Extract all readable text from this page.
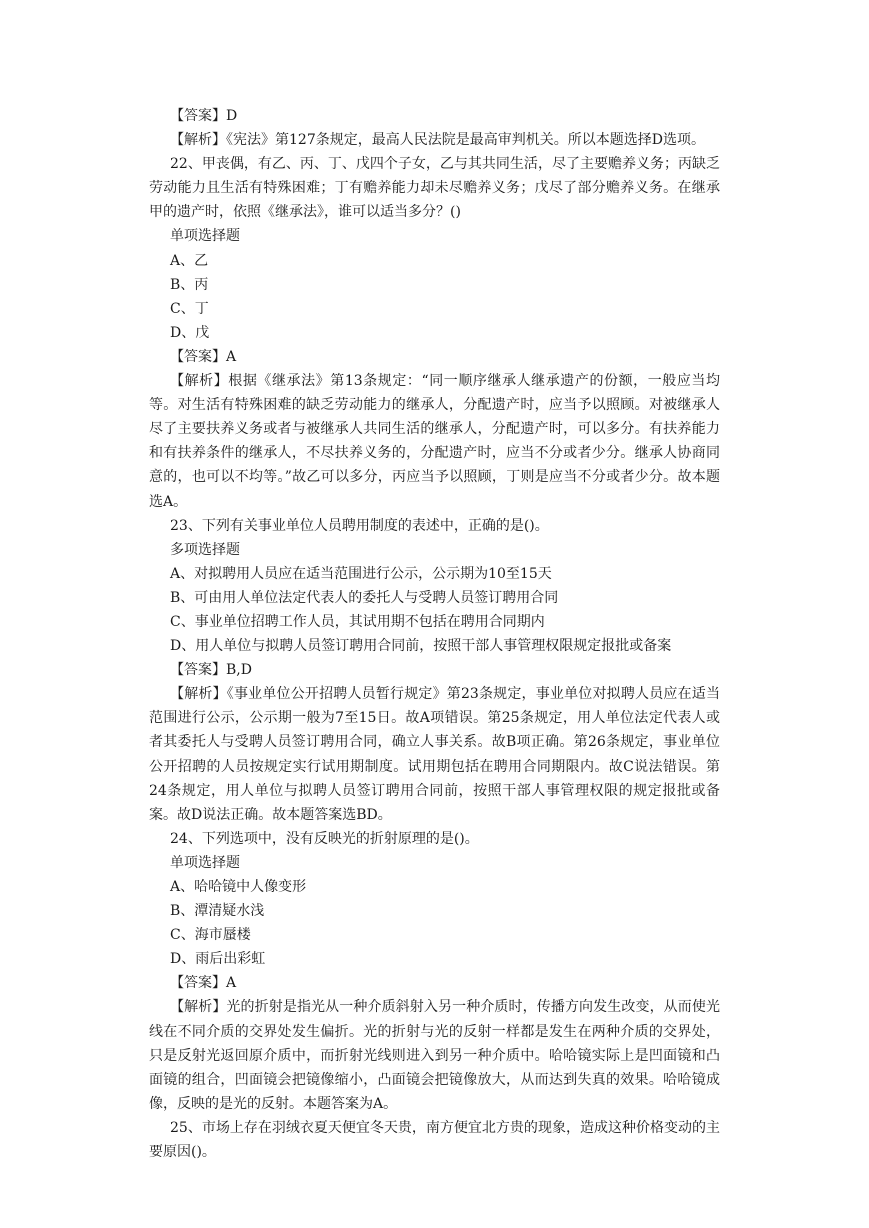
【答案】D
【解析】《宪法》第127条规定，最高人民法院是最高审判机关。所以本题选择D选项。
22、甲丧偶，有乙、丙、丁、戊四个子女，乙与其共同生活，尽了主要赡养义务；丙缺乏劳动能力且生活有特殊困难；丁有赡养能力却未尽赡养义务；戊尽了部分赡养义务。在继承甲的遗产时，依照《继承法》，谁可以适当多分？()
单项选择题
A、乙
B、丙
C、丁
D、戊
【答案】A
【解析】根据《继承法》第13条规定：“同一顺序继承人继承遗产的份额，一般应当均等。对生活有特殊困难的缺乏劳动能力的继承人，分配遗产时，应当予以照顾。对被继承人尽了主要扶养义务或者与被继承人共同生活的继承人，分配遗产时，可以多分。有扶养能力和有扶养条件的继承人，不尽扶养义务的，分配遗产时，应当不分或者少分。继承人协商同意的，也可以不均等。”故乙可以多分，丙应当予以照顾，丁则是应当不分或者少分。故本题选A。
23、下列有关事业单位人员聘用制度的表述中，正确的是()。
多项选择题
A、对拟聘用人员应在适当范围进行公示，公示期为10至15天
B、可由用人单位法定代表人的委托人与受聘人员签订聘用合同
C、事业单位招聘工作人员，其试用期不包括在聘用合同期内
D、用人单位与拟聘人员签订聘用合同前，按照干部人事管理权限规定报批或备案
【答案】B,D
【解析】《事业单位公开招聘人员暂行规定》第23条规定，事业单位对拟聘人员应在适当范围进行公示，公示期一般为7至15日。故A项错误。第25条规定，用人单位法定代表人或者其委托人与受聘人员签订聘用合同，确立人事关系。故B项正确。第26条规定，事业单位公开招聘的人员按规定实行试用期制度。试用期包括在聘用合同期限内。故C说法错误。第24条规定，用人单位与拟聘人员签订聘用合同前，按照干部人事管理权限的规定报批或备案。故D说法正确。故本题答案选BD。
24、下列选项中，没有反映光的折射原理的是()。
单项选择题
A、哈哈镜中人像变形
B、潭清疑水浅
C、海市蜃楼
D、雨后出彩虹
【答案】A
【解析】光的折射是指光从一种介质斜射入另一种介质时，传播方向发生改变，从而使光线在不同介质的交界处发生偏折。光的折射与光的反射一样都是发生在两种介质的交界处，只是反射光返回原介质中，而折射光线则进入到另一种介质中。哈哈镜实际上是凹面镜和凸面镜的组合，凹面镜会把镜像缩小，凸面镜会把镜像放大，从而达到失真的效果。哈哈镜成像，反映的是光的反射。本题答案为A。
25、市场上存在羽绒衣夏天便宜冬天贵，南方便宜北方贵的现象，造成这种价格变动的主要原因()。
